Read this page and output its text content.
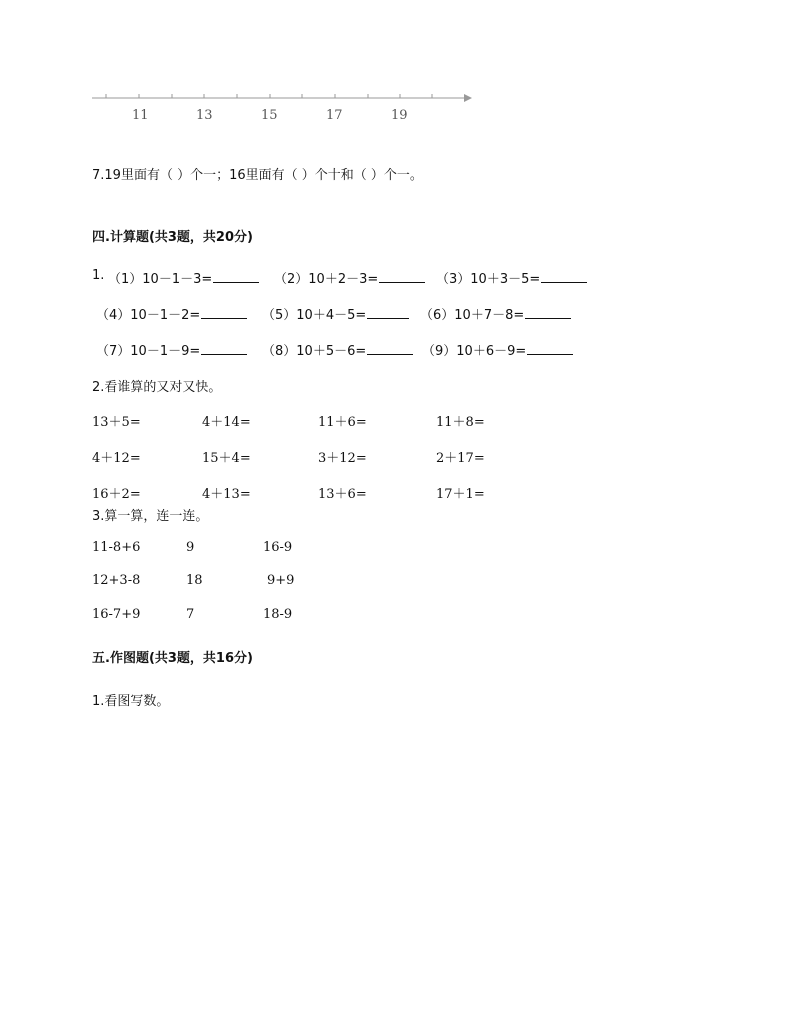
11	13	15	17	19
7.19里面有（ ）个一；16里面有（ ）个十和（ ）个一。
四.计算题(共3题，共20分)
1. （1）10－1－3=	（2）10＋2－3=	（3）10＋3－5=
（4）10－1－2=	（5）10＋4－5=	（6）10＋7－8=
（7）10－1－9=	（8）10＋5－6=	（9）10＋6－9=
2.看谁算的又对又快。
13＋5=	4＋14=	11＋6=	11＋8=
4＋12=	15＋4=	3＋12=	2＋17=
16＋2=	4＋13=	13＋6=	17＋1=
3.算一算，连一连。
11-8+6	9	16-9
12+3-8	18	9+9
16-7+9	7	18-9
五.作图题(共3题，共16分)
1.看图写数。
